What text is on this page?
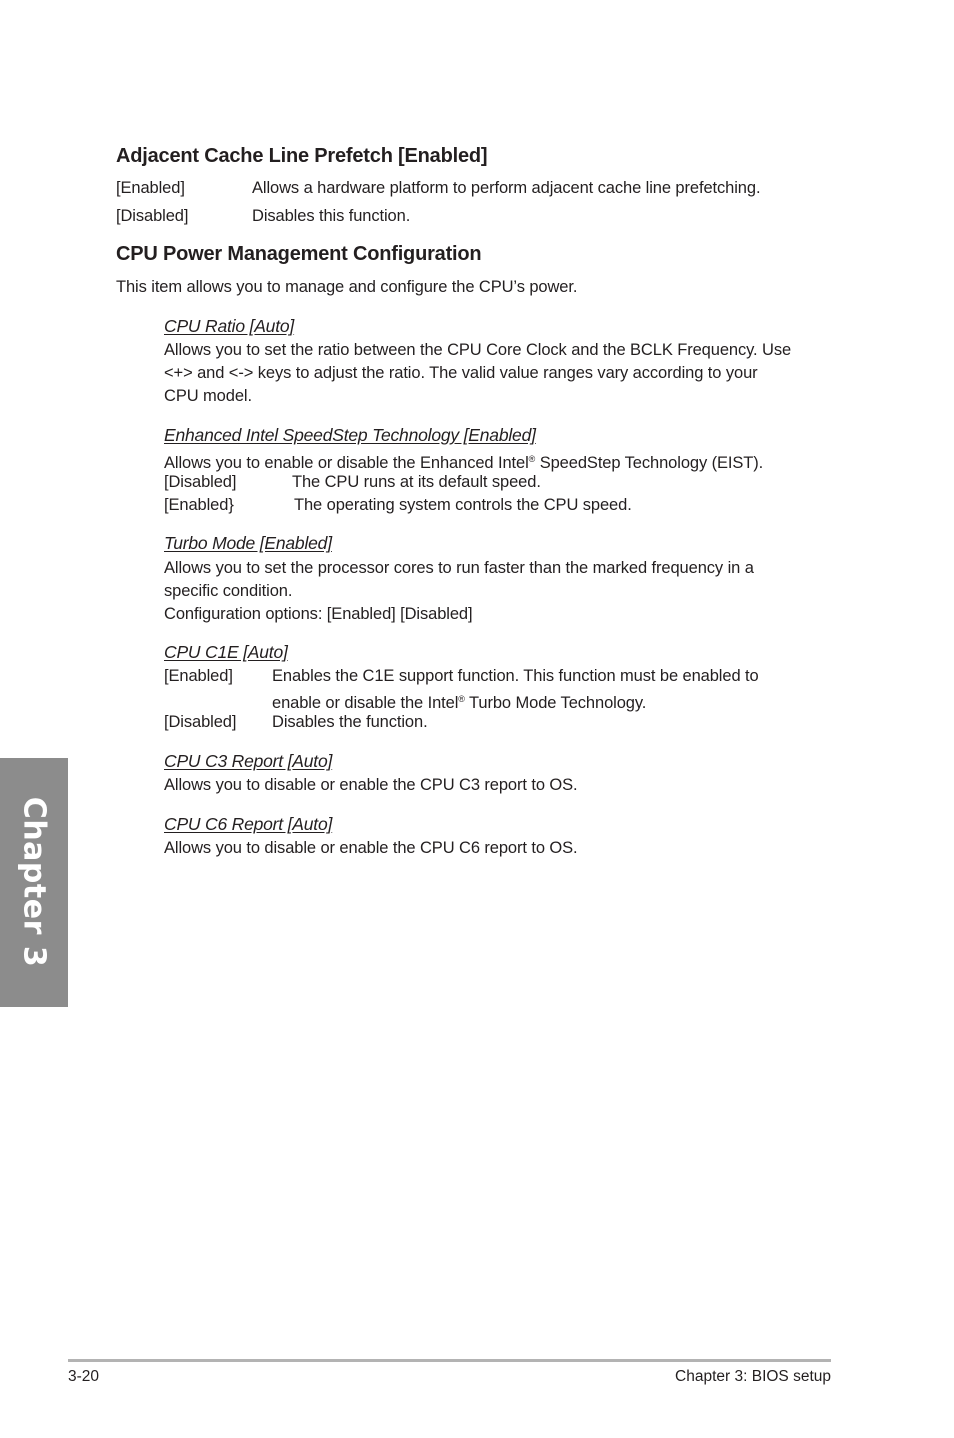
Adjacent Cache Line Prefetch [Enabled]
[Enabled]	Allows a hardware platform to perform adjacent cache line prefetching.
[Disabled]	Disables this function.
CPU Power Management Configuration
This item allows you to manage and configure the CPU’s power.
CPU Ratio [Auto]
Allows you to set the ratio between the CPU Core Clock and the BCLK Frequency. Use
<+> and <-> keys to adjust the ratio. The valid value ranges vary according to your
CPU model.
Enhanced Intel SpeedStep Technology [Enabled]
Allows you to enable or disable the Enhanced Intel® SpeedStep Technology (EIST).
[Disabled]	The CPU runs at its default speed.
[Enabled}	The operating system controls the CPU speed.
Turbo Mode [Enabled]
Allows you to set the processor cores to run faster than the marked frequency in a
specific condition.
Configuration options: [Enabled] [Disabled]
CPU C1E [Auto]
[Enabled] Enables the C1E support function. This function must be enabled to
enable or disable the Intel® Turbo Mode Technology.
[Disabled] Disables the function.
CPU C3 Report [Auto]
Allows you to disable or enable the CPU C3 report to OS.
CPU C6 Report [Auto]
Allows you to disable or enable the CPU C6 report to OS.
Chapter 3
3-20	Chapter 3: BIOS setup
